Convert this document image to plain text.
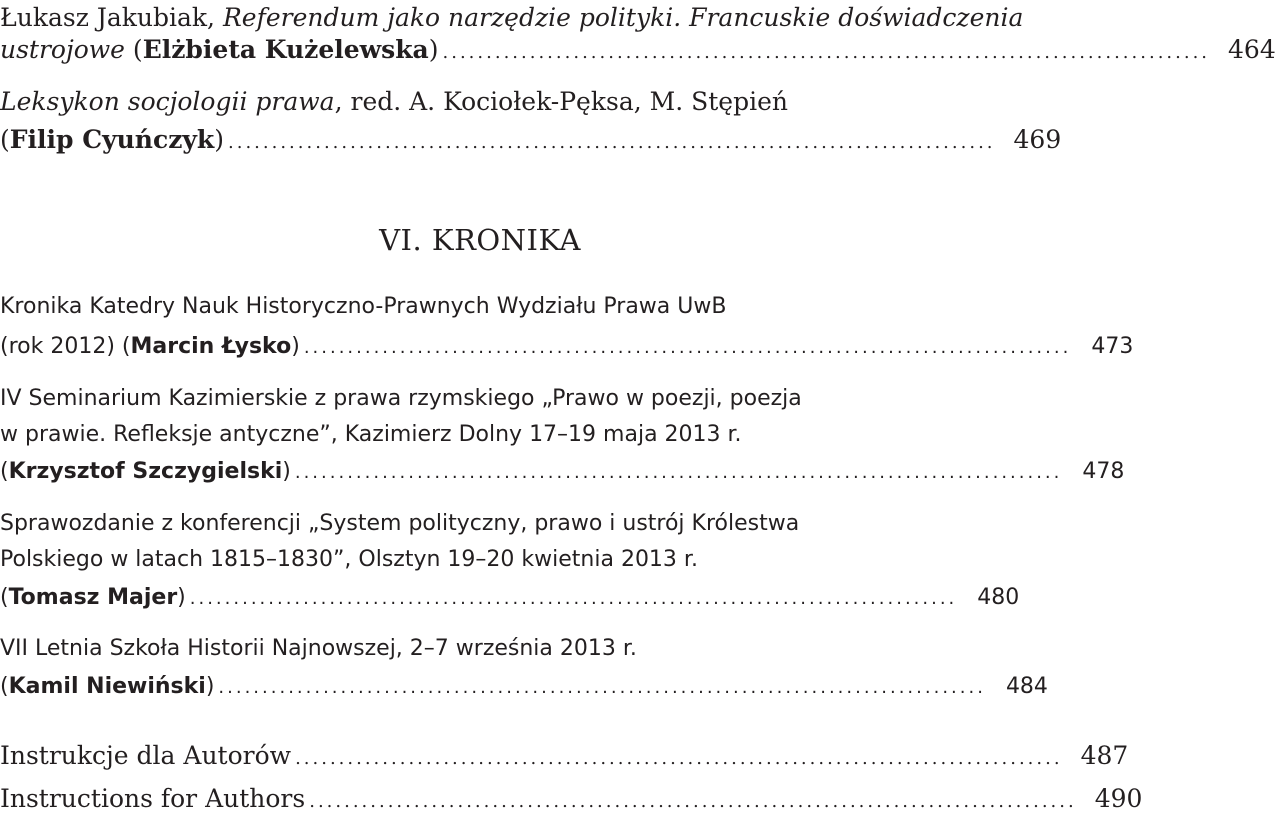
Łukasz Jakubiak, Referendum jako narzędzie polityki. Francuskie doświadczenia
ustrojowe (Elżbieta Kużelewska) ........................................................................................ 464
Leksykon socjologii prawa, red. A. Kociołek-Pęksa, M. Stępień
(Filip Cyuńczyk) ........................................................................................ 469
VI. KRONIKA
Kronika Katedry Nauk Historyczno-Prawnych Wydziału Prawa UwB
(rok 2012) (Marcin Łysko) ........................................................................................ 473
IV Seminarium Kazimierskie z prawa rzymskiego „Prawo w poezji, poezja
w prawie. Refleksje antyczne”, Kazimierz Dolny 17–19 maja 2013 r.
(Krzysztof Szczygielski) ........................................................................................ 478
Sprawozdanie z konferencji „System polityczny, prawo i ustrój Królestwa
Polskiego w latach 1815–1830”, Olsztyn 19–20 kwietnia 2013 r.
(Tomasz Majer) ........................................................................................ 480
VII Letnia Szkoła Historii Najnowszej, 2–7 września 2013 r.
(Kamil Niewiński) ........................................................................................ 484
Instrukcje dla Autorów ........................................................................................ 487
Instructions for Authors ........................................................................................ 490
